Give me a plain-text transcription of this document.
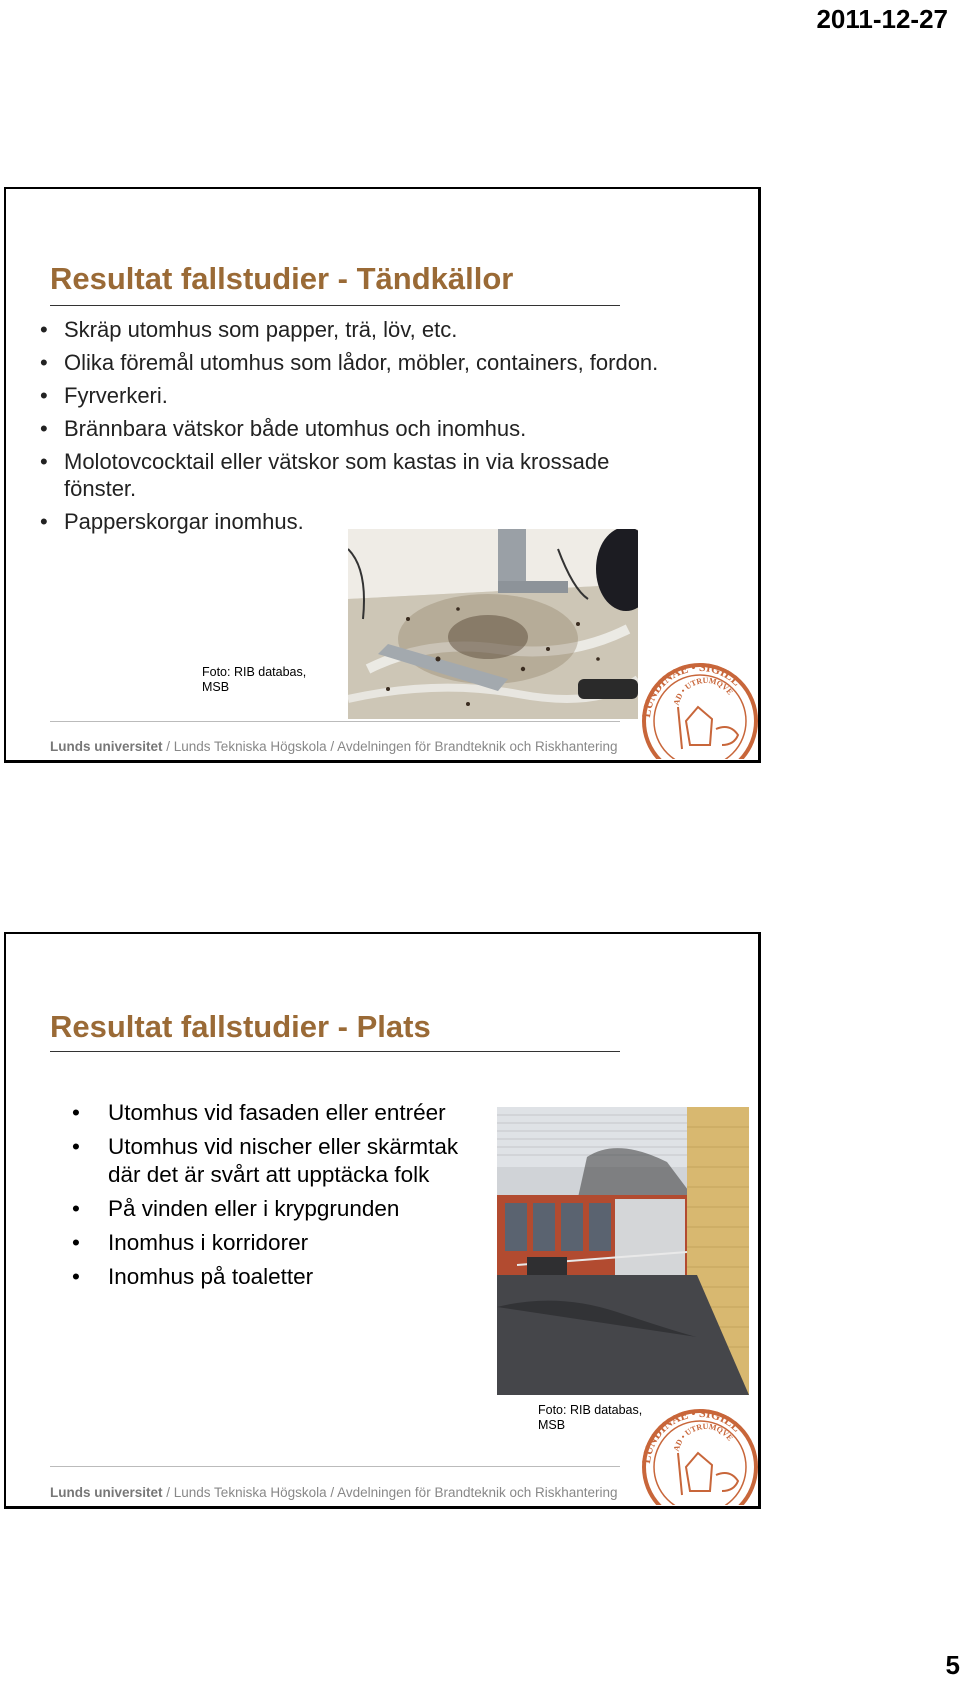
2011-12-27
Resultat fallstudier - Tändkällor
• Skräp utomhus som papper, trä, löv, etc.
• Olika föremål utomhus som lådor, möbler, containers, fordon.
• Fyrverkeri.
• Brännbara vätskor både utomhus och inomhus.
• Molotovcocktail eller vätskor som kastas in via krossade fönster.
• Papperskorgar inomhus.
Foto: RIB databas, MSB
LUNDINAE • SIGILL
AD • UTRUMQVE
Lunds universitet / Lunds Tekniska Högskola / Avdelningen för Brandteknik och Riskhantering
Resultat fallstudier - Plats
• Utomhus vid fasaden eller entréer
• Utomhus vid nischer eller skärmtak där det är svårt att upptäcka folk
• På vinden eller i krypgrunden
• Inomhus i korridorer
• Inomhus på toaletter
Foto: RIB databas, MSB
LUNDINAE • SIGILL
AD • UTRUMQVE
Lunds universitet / Lunds Tekniska Högskola / Avdelningen för Brandteknik och Riskhantering
5
